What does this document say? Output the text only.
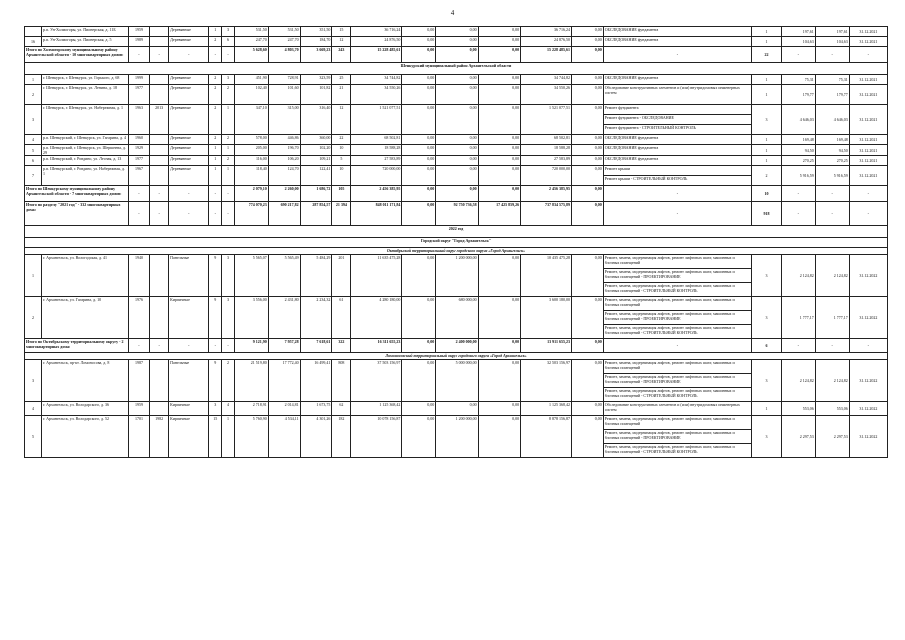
4
	р.п. Ун-Холмогоры, ул. Пионерская, д. 11Б	1959		Деревянные	1	3	531,50	531,50	351,50	15	36 716,24	0,00	0,00	0,00	36 716,24	0,00	ОБСЛЕДОВАНИЕ фундамента	1	197,61	197,61	31.12.2021
16	р.п. Ун-Холмогоры, ул. Пионерская, д. 5	1989		Деревянные	2	6	247,70	247,70	184,70	12	24 876,50	0,00	0,00	0,00	24 876,50	0,00	ОБСЛЕДОВАНИЕ фундамента	1	104,63	104,63	31.12.2021
Итого по Холмогорскому муниципальному району Архангельской области - 10 многоквартирных домов:		-	-	-	-	-	5 628,60	4 803,70	3 669,23	243	15 228 485,61	0,00	0,00	0,00	15 228 485,61	0,00	-	22	-	-	-
Шенкурский муниципальный район Архангельской области																					
1	г. Шенкурск, г. Шенкурск, ул. Горького, д. 68	1999		Деревянные	2	3	451,90	728,91	323,59	25	34 744,82	0,00	0,00	0,00	34 744,82	0,00	ОБСЛЕДОВАНИЕ фундамента	1	75,31	75,31	31.12.2021
2	г. Шенкурск, г. Шенкурск, ул. Ленина, д. 18	1977		Деревянные	2	2	102,40	101,60	101,82	21	34 550,26	0,00	0,00	0,00	34 550,26	0,00	Обследование конструктивных элементов и (или) внутридомовых инженерных систем	1	179,77	179,77	31.12.2021
3	г. Шенкурск, г. Шенкурск, ул. Набережная, д. 1	1963	2013	Деревянные	2	1	347,10	315,00	316,40	12	1 521 077,51	0,00	0,00	0,00	1 521 077,51	0,00	Ремонт фундамента	3	4 646,03	4 646,03	31.12.2021
																	Ремонт фундамента - ОБСЛЕДОВАНИЕ				
																	Ремонт фундамента - СТРОИТЕЛЬНЫЙ КОНТРОЛЬ				
4	р.п. Шенкурский, г. Шенкурск, ул. Гагарина, д. 4	1960		Деревянные	2	2	578,00	446,86	360,00	22	68 502,81	0,00	0,00	0,00	68 502,81	0,00	ОБСЛЕДОВАНИЕ фундамента	1	169,48	169,48	31.12.2021
5	р.п. Шенкурский, г. Шенкурск, ул. Шершнева, д. 29	1929		Деревянные	1	1	205,00	196,70	102,20	10	18 588,28	0,00	0,00	0,00	18 588,28	0,00	ОБСЛЕДОВАНИЕ фундамента	1	94,50	94,50	31.12.2021
6	р.п. Шенкурский, г. Ровдино, ул. Лесная, д. 13	1977		Деревянные	1	2	116,00	106,20	109,21	5	27 583,89	0,00	0,00	0,00	27 583,89	0,00	ОБСЛЕДОВАНИЕ фундамента	1	270,25	270,25	31.12.2021
7	р.п. Шенкурский, г. Ровдино, ул. Набережная, д. 1	1967		Деревянные	1	1	118,40	124,70	122,41	10	720 000,00	0,00	0,00	0,00	720 000,00	0,00	Ремонт крыши	2	5 916,59	5 916,59	31.12.2021
																	Ремонт крыши - СТРОИТЕЛЬНЫЙ КОНТРОЛЬ				
Итого по Шенкурскому муниципальному району Архангельской области - 7 многоквартирных домов:		-	-	-	-	-	2 079,10	2 260,00	1 686,72	105	2 456 385,95	0,00	0,00	0,00	2 456 385,95	0,00	-	10	-	-	-
Итого по разделу "2021 год" - 332 многоквартирных дома:		-	-	-	-	-	774 070,23	690 217,82	287 854,57	21 394	848 011 171,84	0,00	92 750 736,58	17 425 859,26	737 834 575,89	0,00	-	918	-	-	-
2022 год																					
Городской округ "Город Архангельск"																					
Октябрьский территориальный округ городского округа «Город Архангельск»																					
1	г. Архангельск, ул. Вологодская, д. 41	1940		Панельные	9	3	5 565,07	5 565,49	5 484,29	201	11 635 475,28	0,00	1 200 000,00	0,00	10 435 475,28	0,00	Ремонт, замена, модернизация лифтов, ремонт лифтовых шахт, машинных и блочных помещений	3	2 124,82	2 124,82	31.12.2022
																	Ремонт, замена, модернизация лифтов, ремонт лифтовых шахт, машинных и блочных помещений - ПРОЕКТИРОВАНИЕ				
																	Ремонт, замена, модернизация лифтов, ремонт лифтовых шахт, машинных и блочных помещений - СТРОИТЕЛЬНЫЙ КОНТРОЛЬ				
2	г. Архангельск, ул. Гагарина, д. 10	1976		Кирпичные	9	3	3 556,00	2 431,80	2 234,32	61	4 280 180,00	0,00	680 000,00	0,00	3 600 180,00	0,00	Ремонт, замена, модернизация лифтов, ремонт лифтовых шахт, машинных и блочных помещений	3	1 777,17	1 777,17	31.12.2022
																	Ремонт, замена, модернизация лифтов, ремонт лифтовых шахт, машинных и блочных помещений - ПРОЕКТИРОВАНИЕ				
																	Ремонт, замена, модернизация лифтов, ремонт лифтовых шахт, машинных и блочных помещений - СТРОИТЕЛЬНЫЙ КОНТРОЛЬ				
Итого по Октябрьскому территориальному округу - 2 многоквартирных дома:		-	-	-	-	-	9 121,90	7 957,28	7 618,61	322	16 311 655,23	0,00	2 400 000,00	0,00	13 911 655,23	0,00	-	6	-	-	-
Ломоносовский территориальный округ городского округа «Город Архангельск»																					
3	г. Архангельск, пр-кт. Ломоносова, д. 8	1987		Панельные	9	2	21 519,80	17 772,40	16 499,41	808	37 503 156,97	0,00	5 000 000,00	0,00	32 503 156,97	0,00	Ремонт, замена, модернизация лифтов, ремонт лифтовых шахт, машинных и блочных помещений	3	2 124,82	2 124,82	31.12.2022
																	Ремонт, замена, модернизация лифтов, ремонт лифтовых шахт, машинных и блочных помещений - ПРОЕКТИРОВАНИЕ				
																	Ремонт, замена, модернизация лифтов, ремонт лифтовых шахт, машинных и блочных помещений - СТРОИТЕЛЬНЫЙ КОНТРОЛЬ				
4	г. Архангельск, ул. Володарского, д. 36	1959		Кирпичные	3	4	2 718,91	2 014,81	1 673,75	62	1 125 368,42	0,00	0,00	0,00	1 125 368,42	0,00	Обследование конструктивных элементов и (или) внутридомовых инженерных систем	1	553,06	553,06	31.12.2022
5	г. Архангельск, ул. Володарского, д. 52	1701	1982	Кирпичные	15	1	5 760,90	4 534,11	4 301,26	182	10 078 156,87	0,00	1 200 000,00	0,00	8 878 156,87	0,00	Ремонт, замена, модернизация лифтов, ремонт лифтовых шахт, машинных и блочных помещений	3	2 297,53	2 297,53	31.12.2022
																	Ремонт, замена, модернизация лифтов, ремонт лифтовых шахт, машинных и блочных помещений - ПРОЕКТИРОВАНИЕ				
																	Ремонт, замена, модернизация лифтов, ремонт лифтовых шахт, машинных и блочных помещений - СТРОИТЕЛЬНЫЙ КОНТРОЛЬ				
